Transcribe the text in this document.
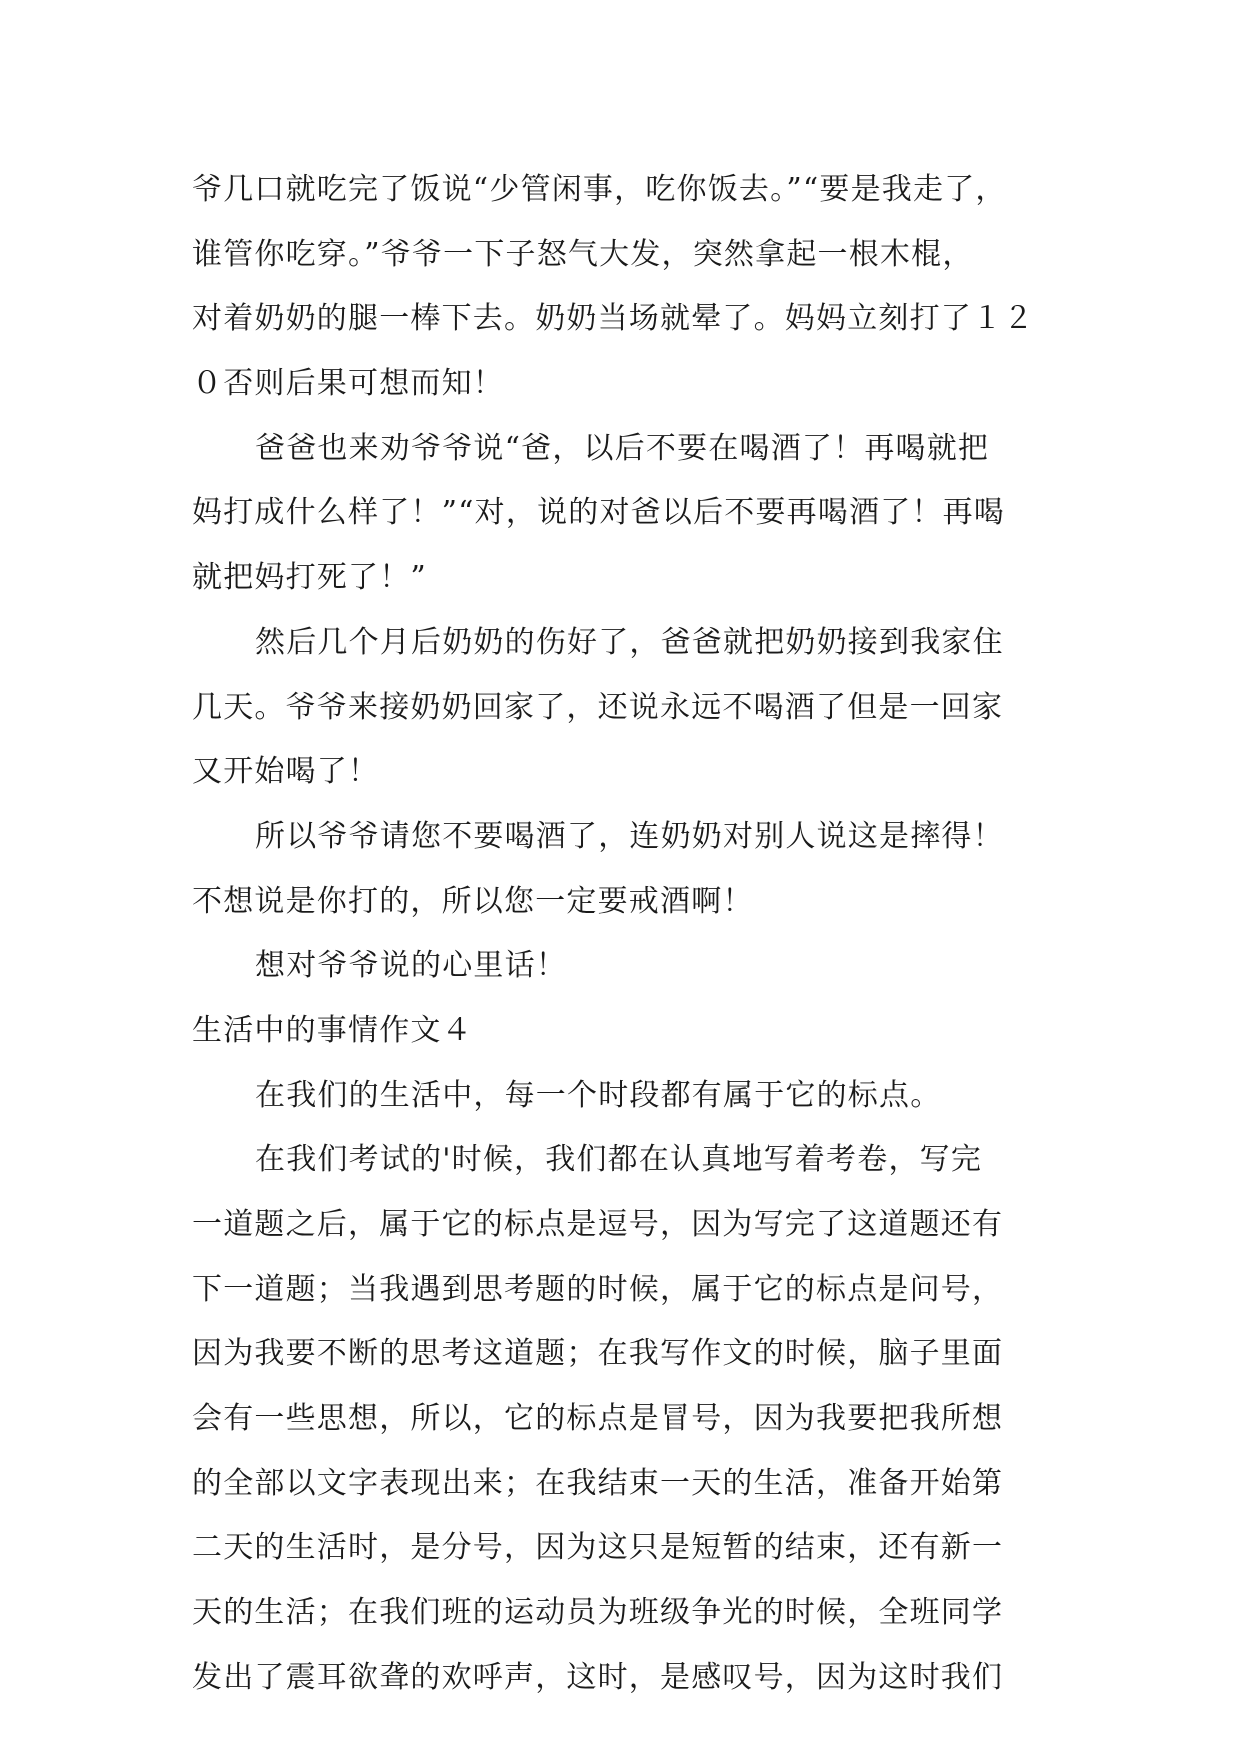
爷几口就吃完了饭说“少管闲事，吃你饭去。”“要是我走了，
谁管你吃穿。”爷爷一下子怒气大发，突然拿起一根木棍，
对着奶奶的腿一棒下去。奶奶当场就晕了。妈妈立刻打了１２
０否则后果可想而知！
爸爸也来劝爷爷说“爸，以后不要在喝酒了！再喝就把
妈打成什么样了！”“对，说的对爸以后不要再喝酒了！再喝
就把妈打死了！”
然后几个月后奶奶的伤好了，爸爸就把奶奶接到我家住
几天。爷爷来接奶奶回家了，还说永远不喝酒了但是一回家
又开始喝了！
所以爷爷请您不要喝酒了，连奶奶对别人说这是摔得！
不想说是你打的，所以您一定要戒酒啊！
想对爷爷说的心里话！
生活中的事情作文４
在我们的生活中，每一个时段都有属于它的标点。
在我们考试的'时候，我们都在认真地写着考卷，写完
一道题之后，属于它的标点是逗号，因为写完了这道题还有
下一道题；当我遇到思考题的时候，属于它的标点是问号，
因为我要不断的思考这道题；在我写作文的时候，脑子里面
会有一些思想，所以，它的标点是冒号，因为我要把我所想
的全部以文字表现出来；在我结束一天的生活，准备开始第
二天的生活时，是分号，因为这只是短暂的结束，还有新一
天的生活；在我们班的运动员为班级争光的时候，全班同学
发出了震耳欲聋的欢呼声，这时，是感叹号，因为这时我们
